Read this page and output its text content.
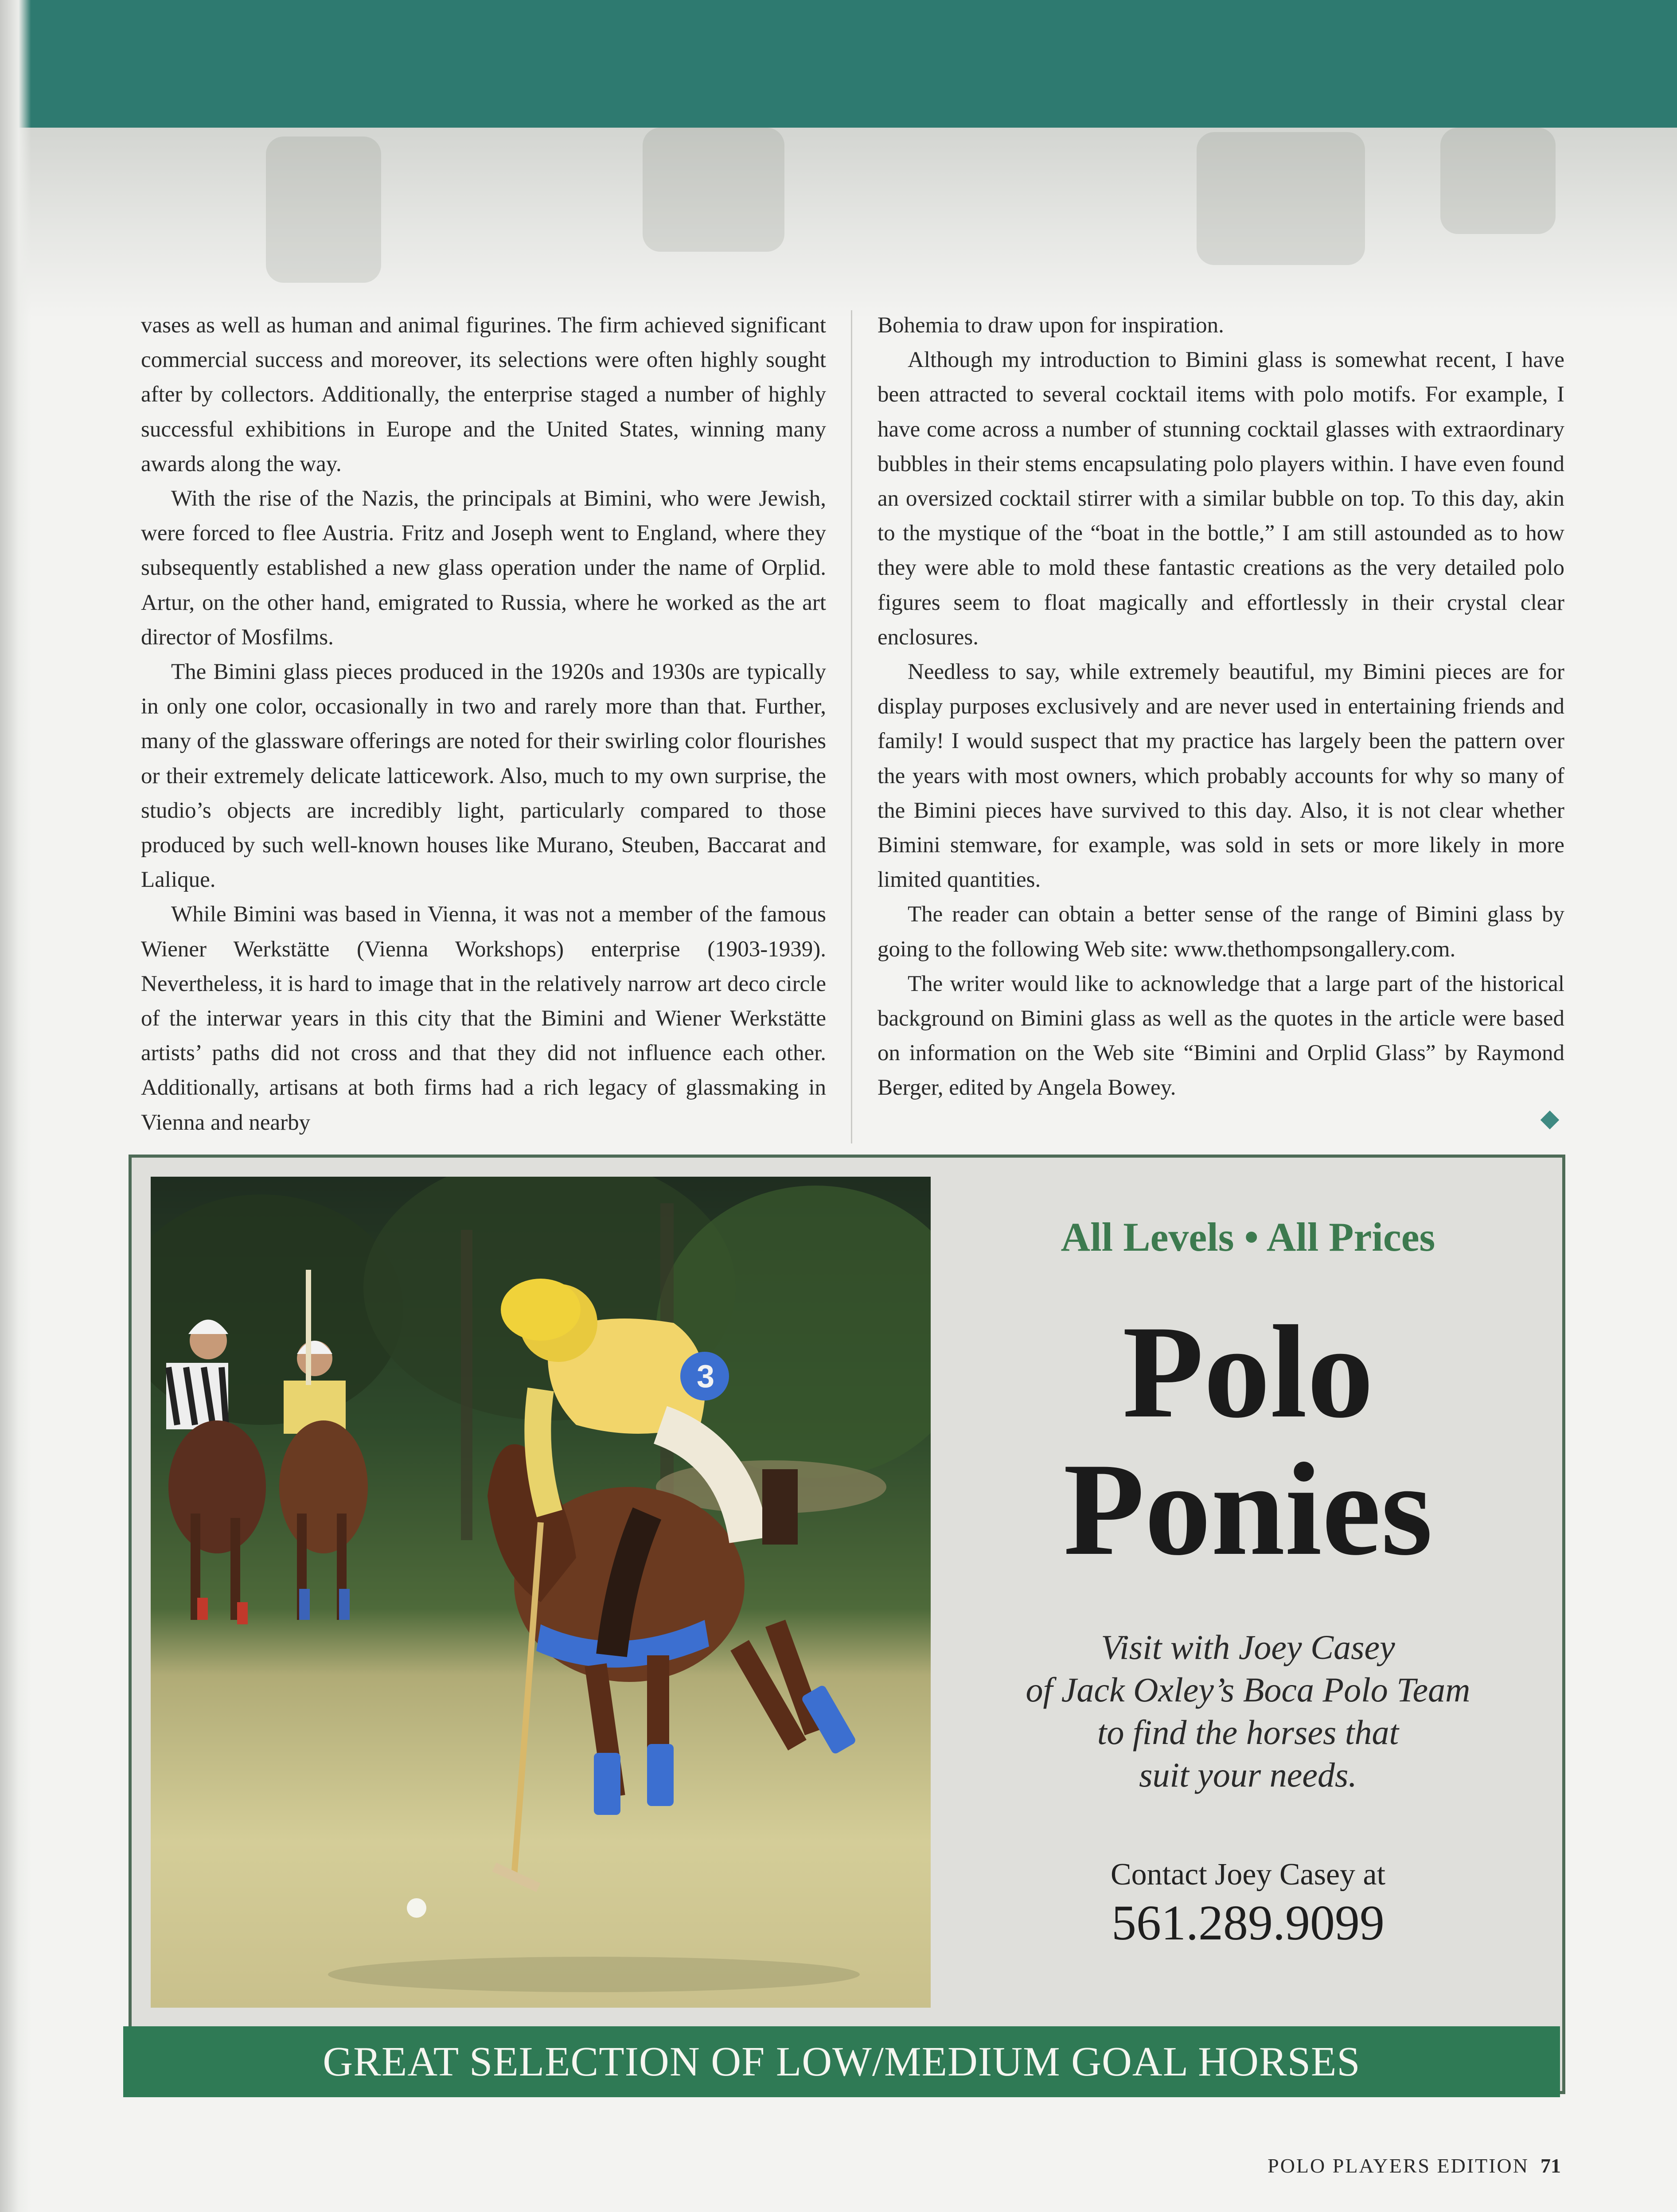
vases as well as human and animal figurines. The firm achieved significant commercial success and moreover, its selections were often highly sought after by collectors. Additionally, the enterprise staged a number of highly successful exhibitions in Europe and the United States, winning many awards along the way.

With the rise of the Nazis, the principals at Bimini, who were Jewish, were forced to flee Austria. Fritz and Joseph went to England, where they subsequently established a new glass operation under the name of Orplid. Artur, on the other hand, emigrated to Russia, where he worked as the art director of Mosfilms.

The Bimini glass pieces produced in the 1920s and 1930s are typically in only one color, occasionally in two and rarely more than that. Further, many of the glassware offerings are noted for their swirling color flourishes or their extremely delicate latticework. Also, much to my own surprise, the studio’s objects are incredibly light, particularly compared to those produced by such well-known houses like Murano, Steuben, Baccarat and Lalique.

While Bimini was based in Vienna, it was not a member of the famous Wiener Werkstätte (Vienna Workshops) enterprise (1903-1939). Nevertheless, it is hard to image that in the relatively narrow art deco circle of the interwar years in this city that the Bimini and Wiener Werkstätte artists’ paths did not cross and that they did not influence each other. Additionally, artisans at both firms had a rich legacy of glassmaking in Vienna and nearby

Bohemia to draw upon for inspiration.

Although my introduction to Bimini glass is somewhat recent, I have been attracted to several cocktail items with polo motifs. For example, I have come across a number of stunning cocktail glasses with extraordinary bubbles in their stems encapsulating polo players within. I have even found an oversized cocktail stirrer with a similar bubble on top. To this day, akin to the mystique of the “boat in the bottle,” I am still astounded as to how they were able to mold these fantastic creations as the very detailed polo figures seem to float magically and effortlessly in their crystal clear enclosures.

Needless to say, while extremely beautiful, my Bimini pieces are for display purposes exclusively and are never used in entertaining friends and family! I would suspect that my practice has largely been the pattern over the years with most owners, which probably accounts for why so many of the Bimini pieces have survived to this day. Also, it is not clear whether Bimini stemware, for example, was sold in sets or more likely in more limited quantities.

The reader can obtain a better sense of the range of Bimini glass by going to the following Web site: www.thethompsongallery.com.

The writer would like to acknowledge that a large part of the historical background on Bimini glass as well as the quotes in the article were based on information on the Web site “Bimini and Orplid Glass” by Raymond Berger, edited by Angela Bowey.

3
All Levels • All Prices
Polo
Ponies
Visit with Joey Casey
of Jack Oxley’s Boca Polo Team
to find the horses that
suit your needs.
Contact Joey Casey at
561.289.9099
GREAT SELECTION OF LOW/MEDIUM GOAL HORSES
POLO PLAYERS EDITION 71
